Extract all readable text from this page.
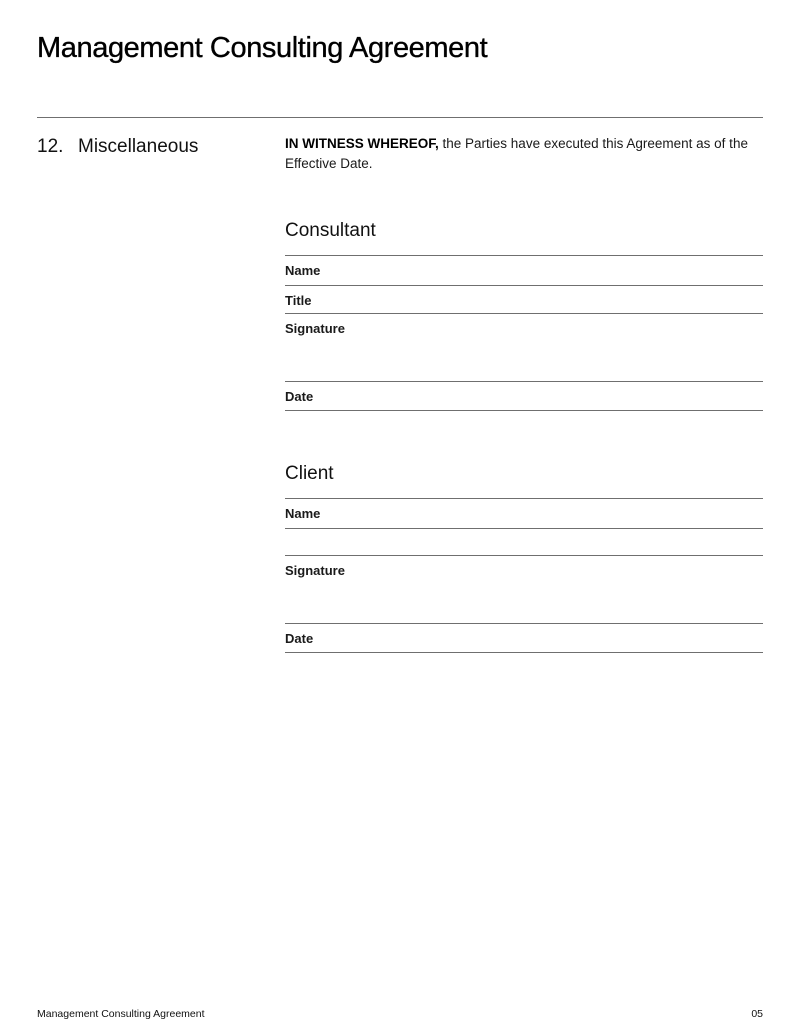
Management Consulting Agreement
12. Miscellaneous	IN WITNESS WHEREOF, the Parties have executed this Agreement as of the Effective Date.

Consultant
Name
Title
Signature
Date
Client
Name
Signature
Date
Management Consulting Agreement	05
